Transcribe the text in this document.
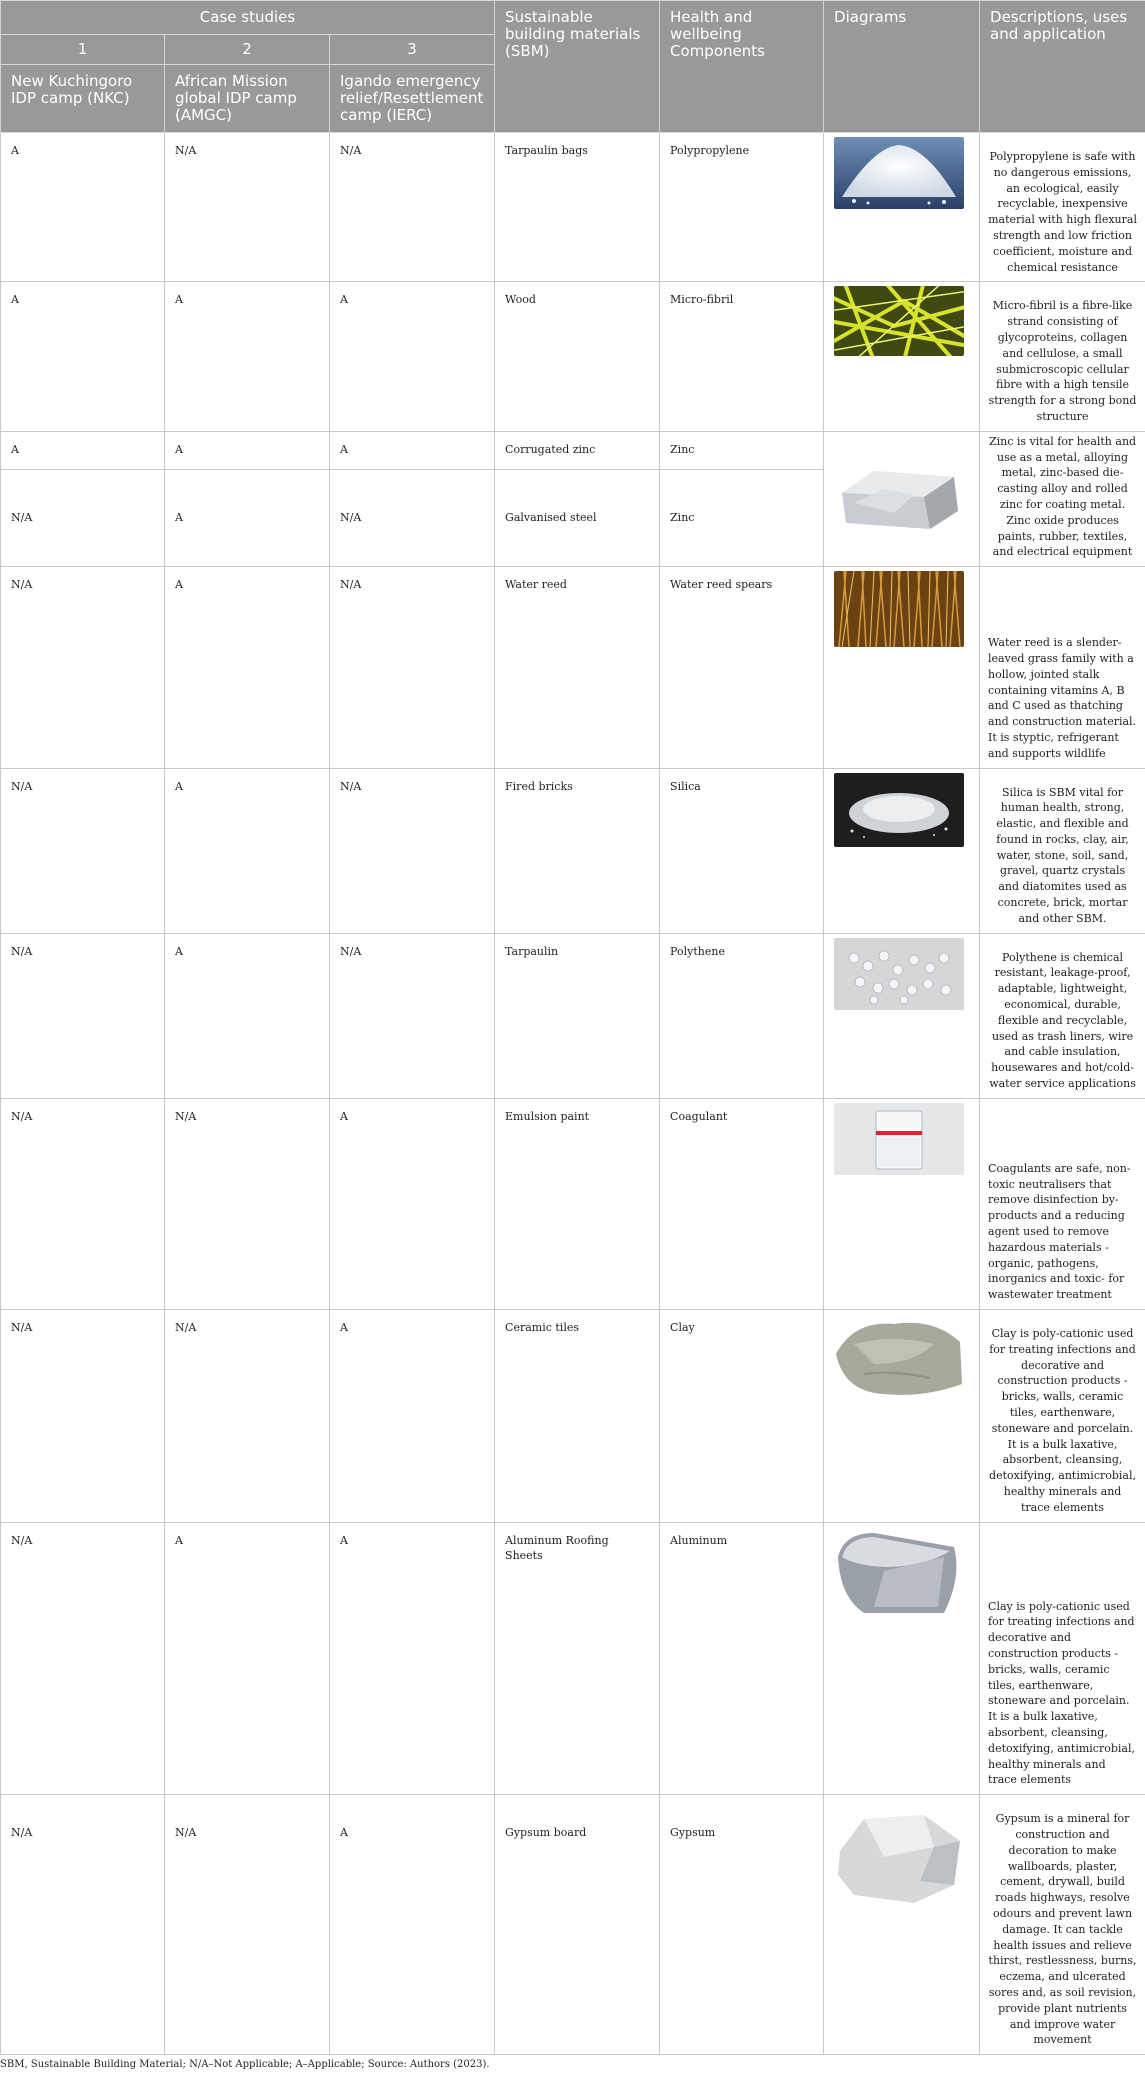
Case studies			Sustainable building materials (SBM)	Health and wellbeing Components	Diagrams	Descriptions, uses and application
1	2	3				
New Kuchingoro IDP camp (NKC)	African Mission global IDP camp (AMGC)	Igando emergency relief/Resettlement camp (IERC)				
A	N/A	N/A	Tarpaulin bags	Polypropylene		Polypropylene is safe with no dangerous emissions, an ecological, easily recyclable, inexpensive material with high flexural strength and low friction coefficient, moisture and chemical resistance
A	A	A	Wood	Micro-fibril		Micro-fibril is a fibre-like strand consisting of glycoproteins, collagen and cellulose, a small submicroscopic cellular fibre with a high tensile strength for a strong bond structure
A	A	A	Corrugated zinc	Zinc		Zinc is vital for health and use as a metal, alloying metal, zinc-based die-casting alloy and rolled zinc for coating metal. Zinc oxide produces paints, rubber, textiles, and electrical equipment
N/A	A	N/A	Galvanised steel	Zinc		
N/A	A	N/A	Water reed	Water reed spears		Water reed is a slender-leaved grass family with a hollow, jointed stalk containing vitamins A, B and C used as thatching and construction material. It is styptic, refrigerant and supports wildlife
N/A	A	N/A	Fired bricks	Silica		Silica is SBM vital for human health, strong, elastic, and flexible and found in rocks, clay, air, water, stone, soil, sand, gravel, quartz crystals and diatomites used as concrete, brick, mortar and other SBM.
N/A	A	N/A	Tarpaulin	Polythene		Polythene is chemical resistant, leakage-proof, adaptable, lightweight, economical, durable, flexible and recyclable, used as trash liners, wire and cable insulation, housewares and hot/cold-water service applications
N/A	N/A	A	Emulsion paint	Coagulant		Coagulants are safe, non-toxic neutralisers that remove disinfection by-products and a reducing agent used to remove hazardous materials - organic, pathogens, inorganics and toxic- for wastewater treatment
N/A	N/A	A	Ceramic tiles	Clay		Clay is poly-cationic used for treating infections and decorative and construction products - bricks, walls, ceramic tiles, earthenware, stoneware and porcelain. It is a bulk laxative, absorbent, cleansing, detoxifying, antimicrobial, healthy minerals and trace elements
N/A	A	A	Aluminum Roofing Sheets	Aluminum		Clay is poly-cationic used for treating infections and decorative and construction products - bricks, walls, ceramic tiles, earthenware, stoneware and porcelain. It is a bulk laxative, absorbent, cleansing, detoxifying, antimicrobial, healthy minerals and trace elements
N/A	N/A	A	Gypsum board	Gypsum		Gypsum is a mineral for construction and decoration to make wallboards, plaster, cement, drywall, build roads highways, resolve odours and prevent lawn damage. It can tackle health issues and relieve thirst, restlessness, burns, eczema, and ulcerated sores and, as soil revision, provide plant nutrients and improve water movement
SBM, Sustainable Building Material; N/A–Not Applicable; A–Applicable; Source: Authors (2023).
